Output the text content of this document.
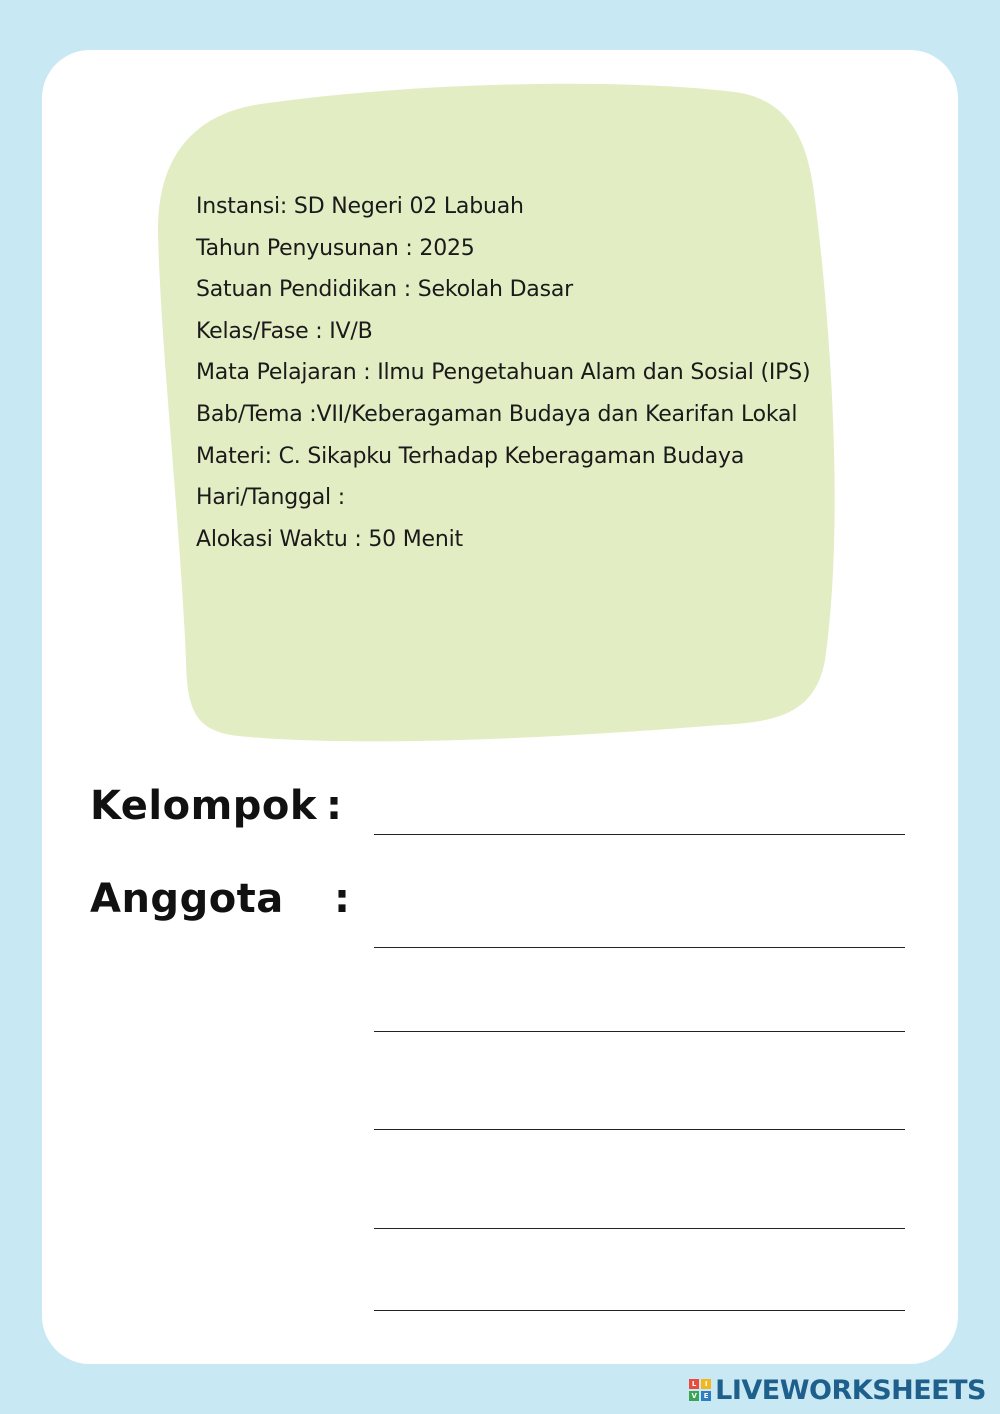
Instansi: SD Negeri 02 Labuah
Tahun Penyusunan : 2025
Satuan Pendidikan : Sekolah Dasar
Kelas/Fase : IV/B
Mata Pelajaran : Ilmu Pengetahuan Alam dan Sosial (IPS)
Bab/Tema :VII/Keberagaman Budaya dan Kearifan Lokal
Materi: C. Sikapku Terhadap Keberagaman Budaya
Hari/Tanggal :
Alokasi Waktu : 50 Menit
Kelompok :
Anggota :
L	I
V E LIVEWORKSHEETS
